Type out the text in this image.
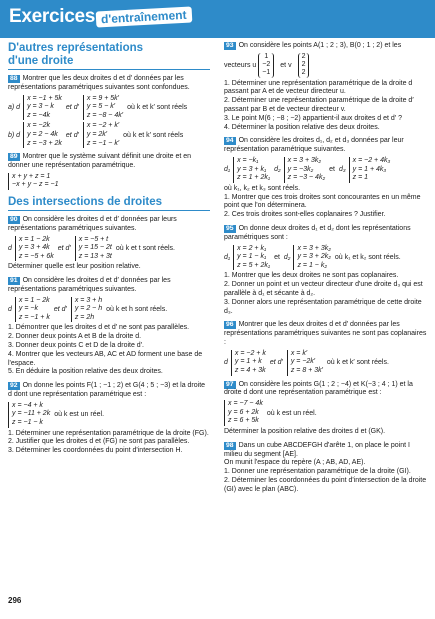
Exercices d'entraînement
D'autres représentations
d'une droite

88 Montrer que les deux droites d et d′ données par les représentations paramétriques suivantes sont confondues.

a) d
x = −1 + 5k
y = 3 − k
z = −4k
et d′
x = 9 + 5k′
y = 5 − k′
z = −8 − 4k′
où k et k′ sont réels
b) d
x = −2k
y = 2 − 4k
z = −3 + 2k
et d′
x = −2 + k′
y = 2k′
z = −1 − k′
où k et k′ sont réels

89 Montrer que le système suivant définit une droite et en donner une représentation paramétrique.

x + y + z = 1
−x + y − z = −1
Des intersections de droites

90 On considère les droites d et d′ données par leurs représentations paramétriques suivantes.

d
x = 1 − 2k
y = 3 + 4k
z = −5 + 6k
et d′
x = −5 + t
y = 15 − 2t
z = 13 + 3t
où k et t sont réels.

Déterminer quelle est leur position relative.

91 On considère les droites d et d′ données par les représentations paramétriques suivantes.

d
x = 1 − 2k
y = −k
z = −1 + k
et d′
x = 3 + h
y = 2 − h
z = 2h
où k et h sont réels.

1. Démontrer que les droites d et d′ ne sont pas parallèles.

2. Donner deux points A et B de la droite d.

3. Donner deux points C et D de la droite d′.

4. Montrer que les vecteurs AB, AC et AD forment une base de l'espace.

5. En déduire la position relative des deux droites.

92 On donne les points F(1 ; −1 ; 2) et G(4 ; 5 ; −3) et la droite d dont une représentation paramétrique est :

x = −4 + k
y = −11 + 2k
z = −1 − k
où k est un réel.

1. Déterminer une représentation paramétrique de la droite (FG).

2. Justifier que les droites d et (FG) ne sont pas parallèles.

3. Déterminer les coordonnées du point d'intersection H.

93 On considère les points A(1 ; 2 ; 3), B(0 ; 1 ; 2) et les

vecteurs u
1
−2
−1
et v
2
2
2

1. Déterminer une représentation paramétrique de la droite d passant par A et de vecteur directeur u.

2. Déterminer une représentation paramétrique de la droite d′ passant par B et de vecteur directeur v.

3. Le point M(6 ; −8 ; −2) appartient-il aux droites d et d′ ?

4. Déterminer la position relative des deux droites.

94 On considère les droites d₁, d₂ et d₃ données par leur représentation paramétrique suivantes.

d₁
x = −k₁
y = 3 + k₁
z = 1 + 2k₁
d₂
x = 3 + 3k₂
y = −3k₂
z = −3 − 4k₂
et d₃
x = −2 + 4k₃
y = 1 + 4k₃
z = 1

où k₁, k₂ et k₃ sont réels.

1. Montrer que ces trois droites sont concourantes en un même point que l'on déterminera.

2. Ces trois droites sont-elles coplanaires ? Justifier.

95 On donne deux droites d₁ et d₂ dont les représentations paramétriques sont :

d₁
x = 2 + k₁
y = 1 − k₁
z = 5 + 2k₁
et d₂
x = 3 + 3k₂
y = 3 + 2k₂
z = 1 − k₂
où k₁ et k₂ sont réels.

1. Montrer que les deux droites ne sont pas coplanaires.

2. Donner un point et un vecteur directeur d'une droite d₃ qui est parallèle à d₁ et sécante à d₂.

3. Donner alors une représentation paramétrique de cette droite d₃.

96 Montrer que les deux droites d et d′ données par les représentations paramétriques suivantes ne sont pas coplanaires :

d
x = −2 + k
y = 1 + k
z = 4 + 3k
et d′
x = k′
y = −2k′
z = 8 + 3k′
où k et k′ sont réels.

97 On considère les points G(1 ; 2 ; −4) et K(−3 ; 4 ; 1) et la droite d dont une représentation paramétrique est :

x = −7 − 4k
y = 6 + 2k
z = 6 + 5k
où k est un réel.

Déterminer la position relative des droites d et (GK).

98 Dans un cube ABCDEFGH d'arête 1, on place le point I milieu du segment [AE].

On munit l'espace du repère (A ; AB, AD, AE).

1. Donner une représentation paramétrique de la droite (GI).

2. Déterminer les coordonnées du point d'intersection de la droite (GI) avec le plan (ABC).

296
